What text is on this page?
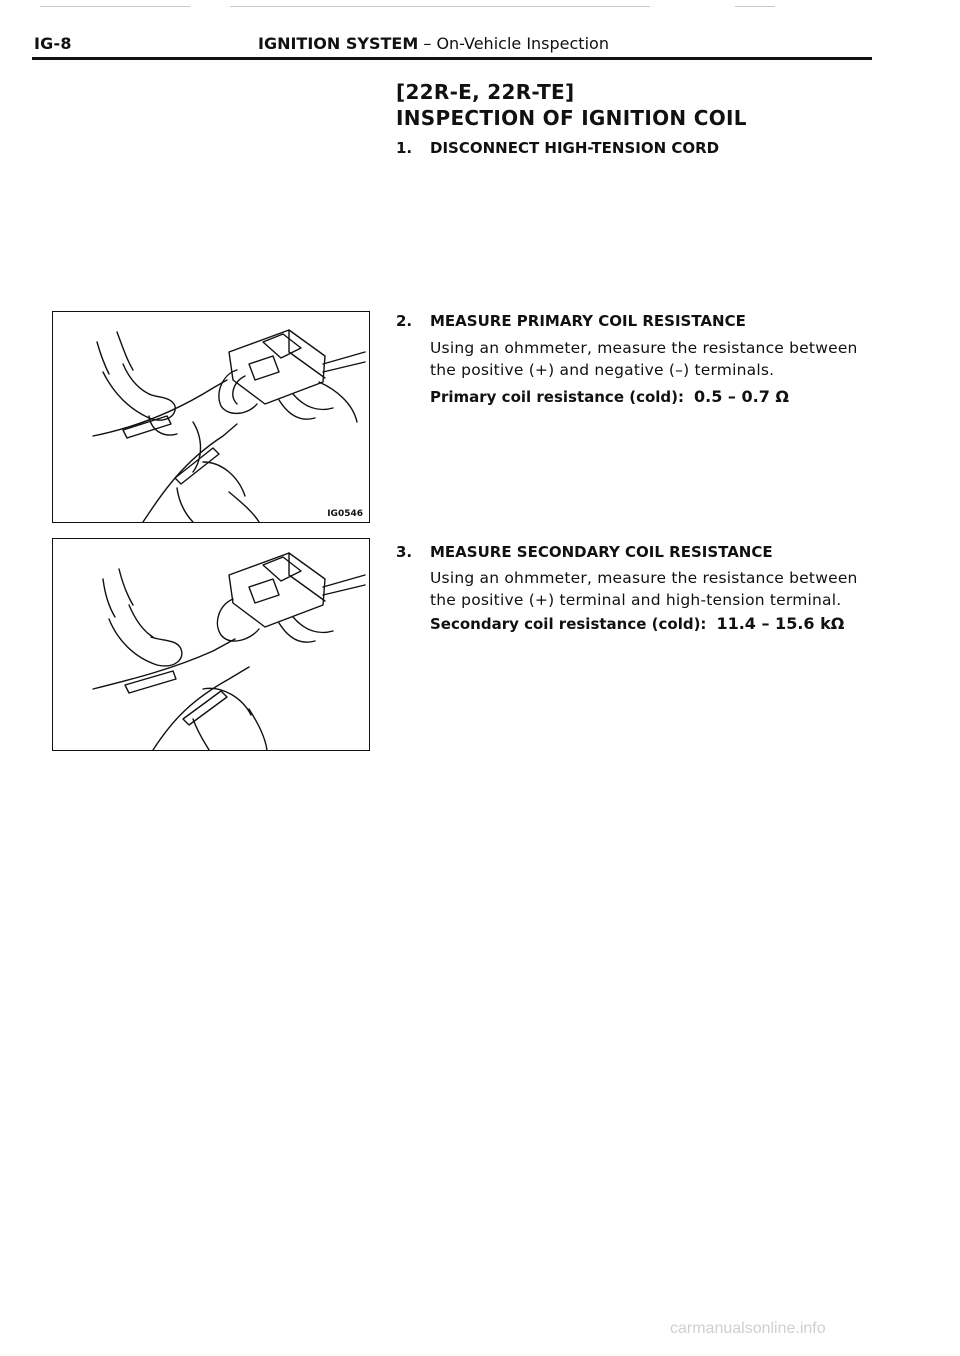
IG-8	IGNITION SYSTEM – On-Vehicle Inspection
[22R-E, 22R-TE]
INSPECTION OF IGNITION COIL
1. DISCONNECT HIGH-TENSION CORD
2. MEASURE PRIMARY COIL RESISTANCE
Using an ohmmeter, measure the resistance between the positive (+) and negative (–) terminals.
Primary coil resistance (cold): 0.5 – 0.7 Ω
3. MEASURE SECONDARY COIL RESISTANCE
Using an ohmmeter, measure the resistance between the positive (+) terminal and high-tension terminal.
Secondary coil resistance (cold): 11.4 – 15.6 kΩ
IG0546
carmanualsonline.info
